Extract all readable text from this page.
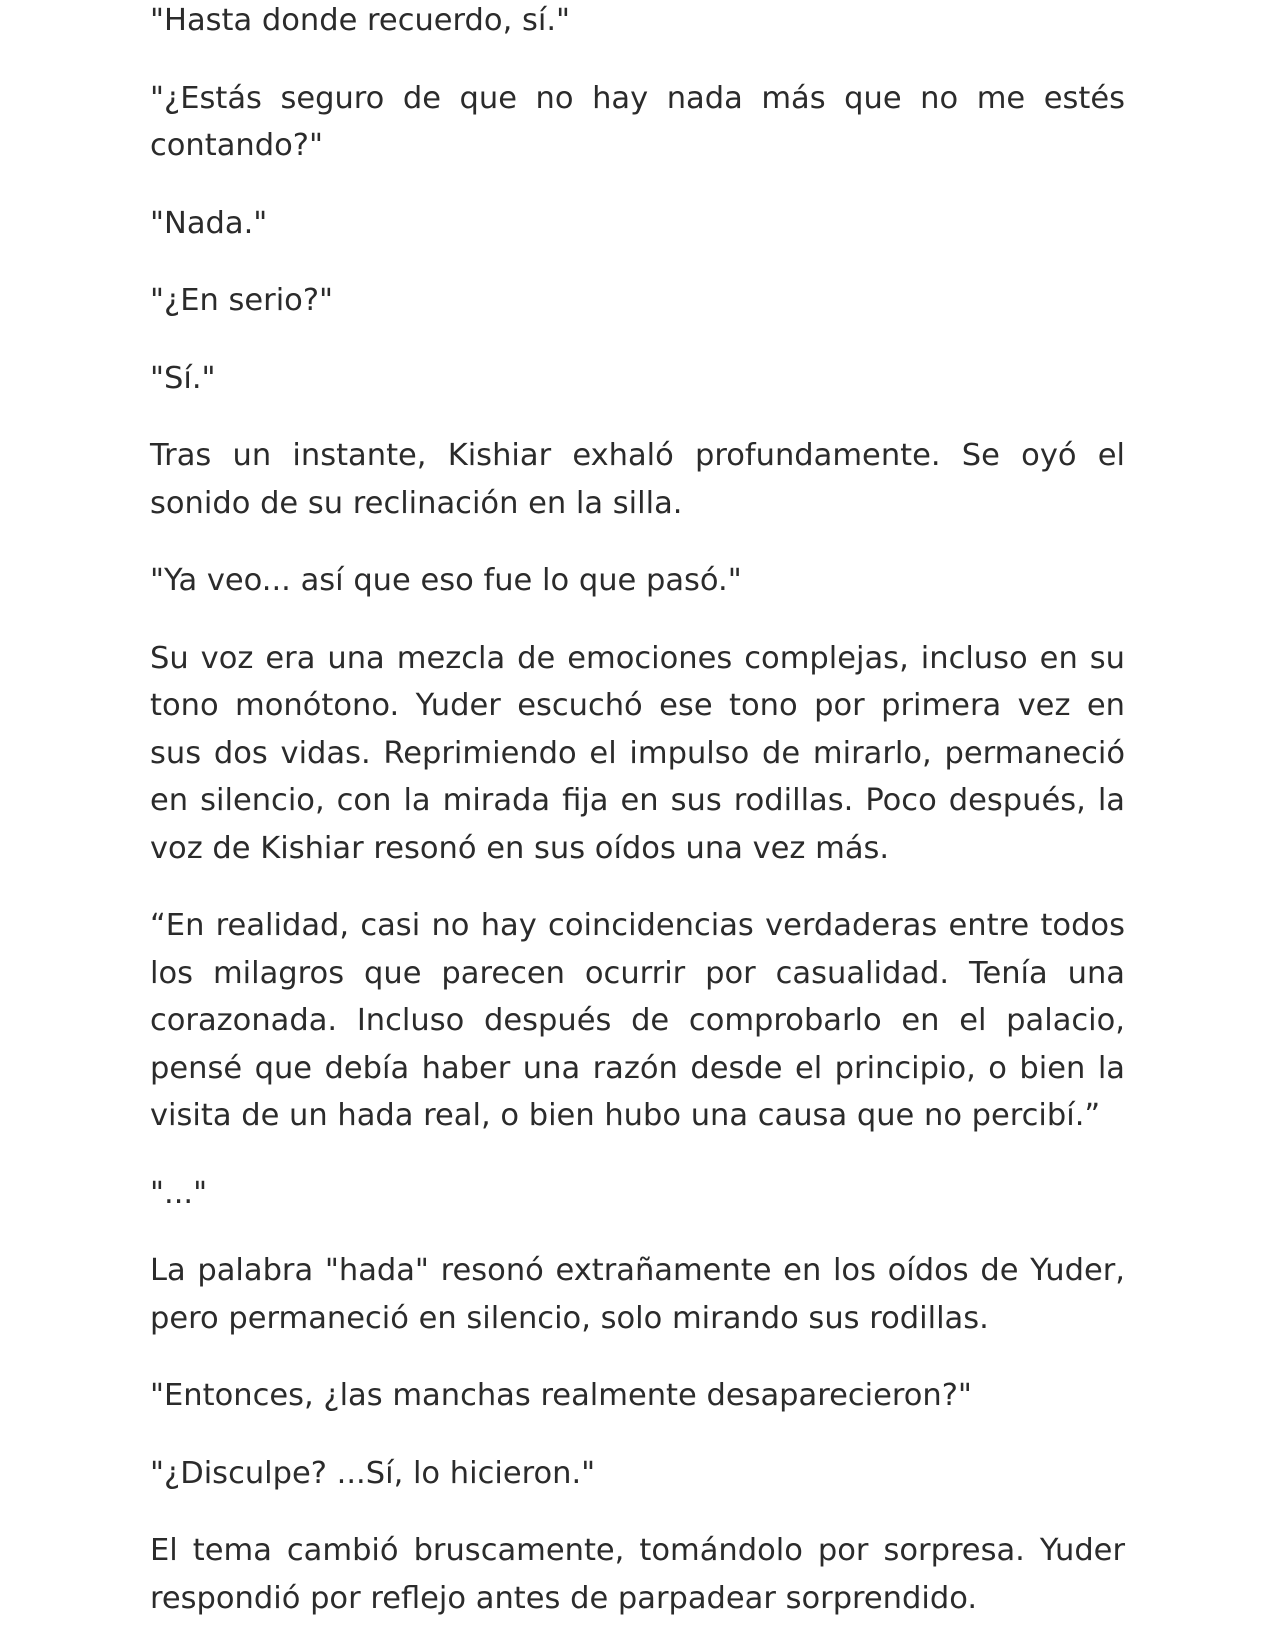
"Hasta donde recuerdo, sí."

"¿Estás seguro de que no hay nada más que no me estés contando?"

"Nada."

"¿En serio?"

"Sí."

Tras un instante, Kishiar exhaló profundamente. Se oyó el sonido de su reclinación en la silla.

"Ya veo... así que eso fue lo que pasó."

Su voz era una mezcla de emociones complejas, incluso en su tono monótono. Yuder escuchó ese tono por primera vez en sus dos vidas. Reprimiendo el impulso de mirarlo, permaneció en silencio, con la mirada fija en sus rodillas. Poco después, la voz de Kishiar resonó en sus oídos una vez más.

“En realidad, casi no hay coincidencias verdaderas entre todos los milagros que parecen ocurrir por casualidad. Tenía una corazonada. Incluso después de comprobarlo en el palacio, pensé que debía haber una razón desde el principio, o bien la visita de un hada real, o bien hubo una causa que no percibí.”

"..."

La palabra "hada" resonó extrañamente en los oídos de Yuder, pero permaneció en silencio, solo mirando sus rodillas.

"Entonces, ¿las manchas realmente desaparecieron?"

"¿Disculpe? ...Sí, lo hicieron."

El tema cambió bruscamente, tomándolo por sorpresa. Yuder respondió por reflejo antes de parpadear sorprendido.
